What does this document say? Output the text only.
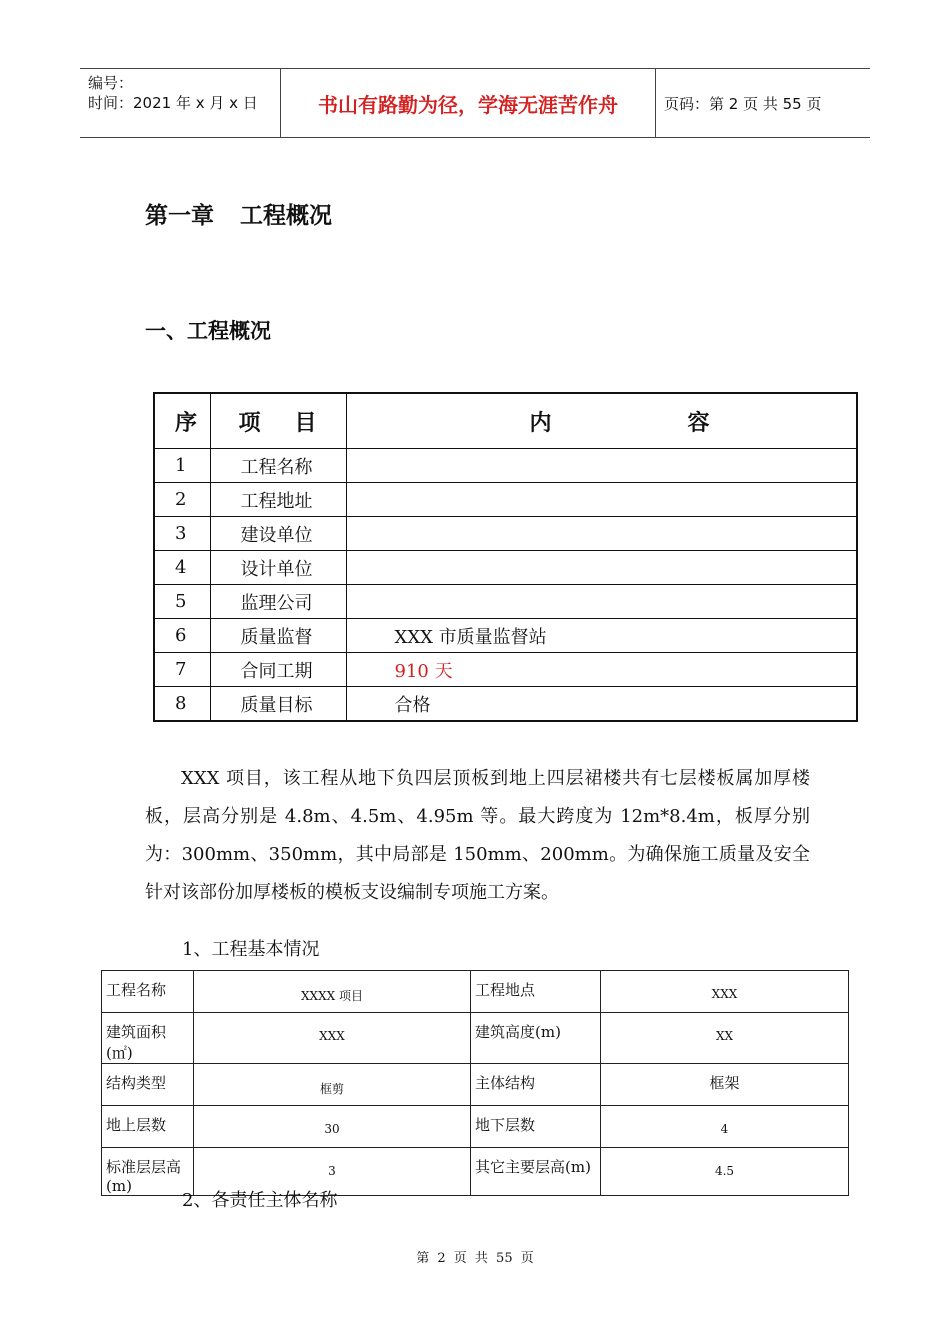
编号：
时间：2021 年 x 月 x 日	书山有路勤为径，学海无涯苦作舟	页码：第 2 页 共 55 页
第一章 工程概况
一、工程概况
序	项 目	内 容

1	工程名称	
2	工程地址	
3	建设单位	
4	设计单位	
5	监理公司	
6	质量监督	XXX 市质量监督站
7	合同工期	910 天
8	质量目标	合格
XXX 项目，该工程从地下负四层顶板到地上四层裙楼共有七层楼板属加厚楼板，层高分别是 4.8m、4.5m、4.95m 等。最大跨度为 12m*8.4m，板厚分别为：300mm、350mm，其中局部是 150mm、200mm。为确保施工质量及安全针对该部份加厚楼板的模板支设编制专项施工方案。
1、工程基本情况
工程名称	XXXX 项目	工程地点	XXX
建筑面积(㎡)	XXX	建筑高度(m)	XX
结构类型	框剪	主体结构	框架
地上层数	30	地下层数	4
标准层层高(m)	3	其它主要层高(m)	4.5
2、各责任主体名称
第 2 页 共 55 页
